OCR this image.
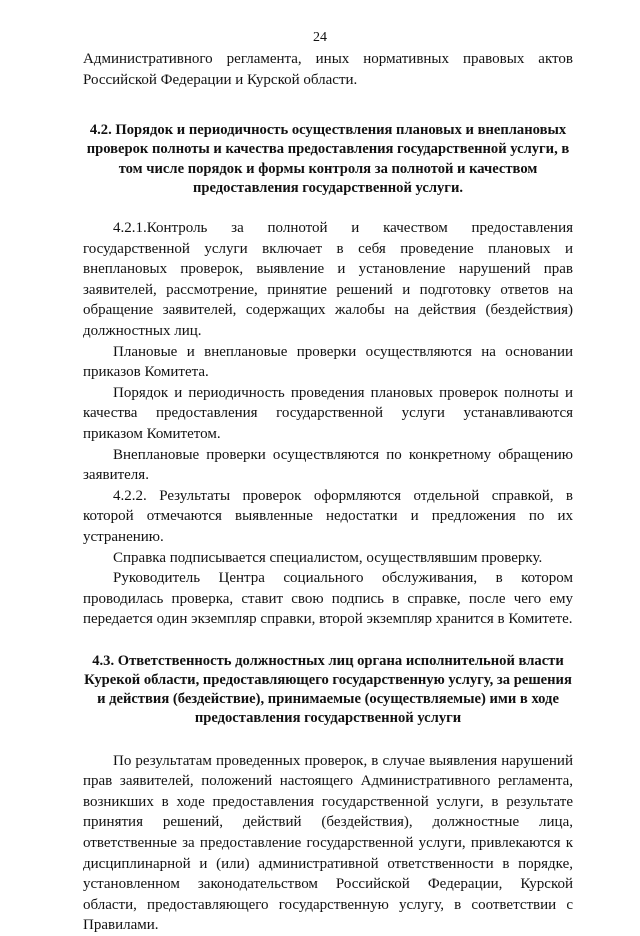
24

Административного регламента, иных нормативных правовых актов Российской Федерации и Курской области.

4.2. Порядок и периодичность осуществления плановых и внеплановых проверок полноты и качества предоставления государственной услуги, в том числе порядок и формы контроля за полнотой и качеством предоставления государственной услуги.

4.2.1.Контроль за полнотой и качеством предоставления государственной услуги включает в себя проведение плановых и внеплановых проверок, выявление и установление нарушений прав заявителей, рассмотрение, принятие решений и подготовку ответов на обращение заявителей, содержащих жалобы на действия (бездействия) должностных лиц.

Плановые и внеплановые проверки осуществляются на основании приказов Комитета.

Порядок и периодичность проведения плановых проверок полноты и качества предоставления государственной услуги устанавливаются приказом Комитетом.

Внеплановые проверки осуществляются по конкретному обращению заявителя.

4.2.2. Результаты проверок оформляются отдельной справкой, в которой отмечаются выявленные недостатки и предложения по их устранению.

Справка подписывается специалистом, осуществлявшим проверку.

Руководитель Центра социального обслуживания, в котором проводилась проверка, ставит свою подпись в справке, после чего ему передается один экземпляр справки, второй экземпляр хранится в Комитете.

4.3. Ответственность должностных лиц органа исполнительной власти Курекой области, предоставляющего государственную услугу, за решения и действия (бездействие), принимаемые (осуществляемые) ими в ходе предоставления государственной услуги

По результатам проведенных проверок, в случае выявления нарушений прав заявителей, положений настоящего Административного регламента, возникших в ходе предоставления государственной услуги, в результате принятия решений, действий (бездействия), должностные лица, ответственные за предоставление государственной услуги, привлекаются к дисциплинарной и (или) административной ответственности в порядке, установленном законодательством Российской Федерации, Курской области, предоставляющего государственную услугу, в соответствии с Правилами.
